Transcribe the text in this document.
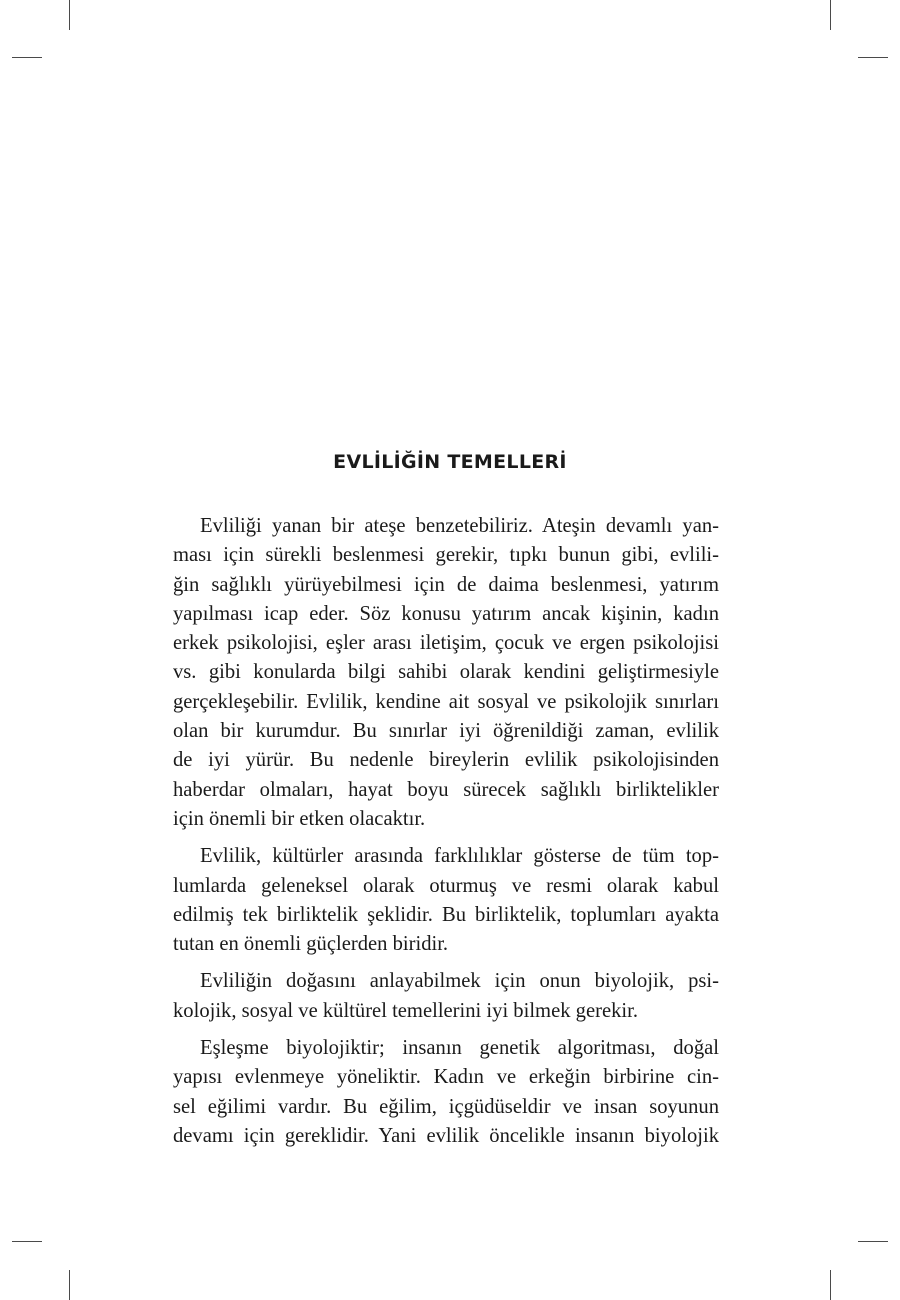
EVLİLİĞİN TEMELLERİ

Evliliği yanan bir ateşe benzetebiliriz. Ateşin devamlı yan-
ması için sürekli beslenmesi gerekir, tıpkı bunun gibi, evlili-
ğin sağlıklı yürüyebilmesi için de daima beslenmesi, yatırım
yapılması icap eder. Söz konusu yatırım ancak kişinin, kadın
erkek psikolojisi, eşler arası iletişim, çocuk ve ergen psikolojisi
vs. gibi konularda bilgi sahibi olarak kendini geliştirmesiyle
gerçekleşebilir. Evlilik, kendine ait sosyal ve psikolojik sınırları
olan bir kurumdur. Bu sınırlar iyi öğrenildiği zaman, evlilik
de iyi yürür. Bu nedenle bireylerin evlilik psikolojisinden
haberdar olmaları, hayat boyu sürecek sağlıklı birliktelikler
için önemli bir etken olacaktır.

Evlilik, kültürler arasında farklılıklar gösterse de tüm top-
lumlarda geleneksel olarak oturmuş ve resmi olarak kabul
edilmiş tek birliktelik şeklidir. Bu birliktelik, toplumları ayakta
tutan en önemli güçlerden biridir.

Evliliğin doğasını anlayabilmek için onun biyolojik, psi-
kolojik, sosyal ve kültürel temellerini iyi bilmek gerekir.

Eşleşme biyolojiktir; insanın genetik algoritması, doğal
yapısı evlenmeye yöneliktir. Kadın ve erkeğin birbirine cin-
sel eğilimi vardır. Bu eğilim, içgüdüseldir ve insan soyunun
devamı için gereklidir. Yani evlilik öncelikle insanın biyolojik
